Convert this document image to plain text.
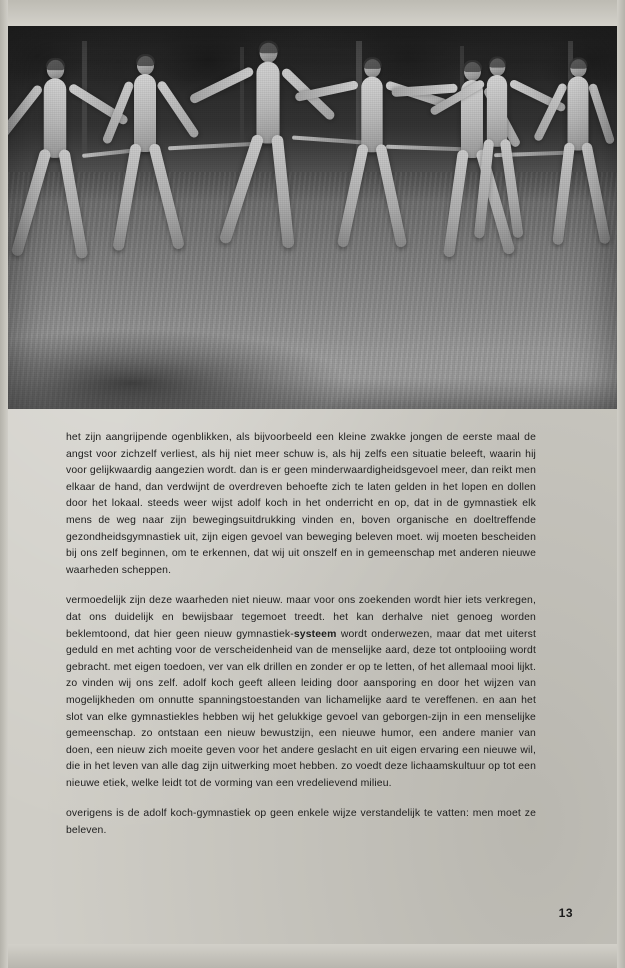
het zijn aangrijpende ogenblikken, als bijvoorbeeld een kleine zwakke jongen de eerste maal de angst voor zichzelf verliest, als hij niet meer schuw is, als hij zelfs een situatie beleeft, waarin hij voor gelijkwaardig aangezien wordt. dan is er geen minderwaardigheidsgevoel meer, dan reikt men elkaar de hand, dan verdwijnt de overdreven behoefte zich te laten gelden in het lopen en dollen door het lokaal. steeds weer wijst adolf koch in het onderricht en op, dat in de gymnastiek elk mens de weg naar zijn bewegingsuitdrukking vinden en, boven organische en doeltreffende gezondheidsgymnastiek uit, zijn eigen gevoel van beweging beleven moet. wij moeten bescheiden bij ons zelf beginnen, om te erkennen, dat wij uit onszelf en in gemeenschap met anderen nieuwe waarheden scheppen.

vermoedelijk zijn deze waarheden niet nieuw. maar voor ons zoekenden wordt hier iets verkregen, dat ons duidelijk en bewijsbaar tegemoet treedt. het kan derhalve niet genoeg worden beklemtoond, dat hier geen nieuw gymnastiek-systeem wordt onderwezen, maar dat met uiterst geduld en met achting voor de verscheidenheid van de menselijke aard, deze tot ontplooiing wordt gebracht. met eigen toedoen, ver van elk drillen en zonder er op te letten, of het allemaal mooi lijkt. zo vinden wij ons zelf. adolf koch geeft alleen leiding door aansporing en door het wijzen van mogelijkheden om onnutte spanningstoestanden van lichamelijke aard te vereffenen. en aan het slot van elke gymnastiekles hebben wij het gelukkige gevoel van geborgen-zijn in een menselijke gemeenschap. zo ontstaan een nieuw bewustzijn, een nieuwe humor, een andere manier van doen, een nieuw zich moeite geven voor het andere geslacht en uit eigen ervaring een nieuwe wil, die in het leven van alle dag zijn uitwerking moet hebben. zo voedt deze lichaamskultuur op tot een nieuwe etiek, welke leidt tot de vorming van een vredelievend milieu.

overigens is de adolf koch-gymnastiek op geen enkele wijze verstandelijk te vatten: men moet ze beleven.

13
